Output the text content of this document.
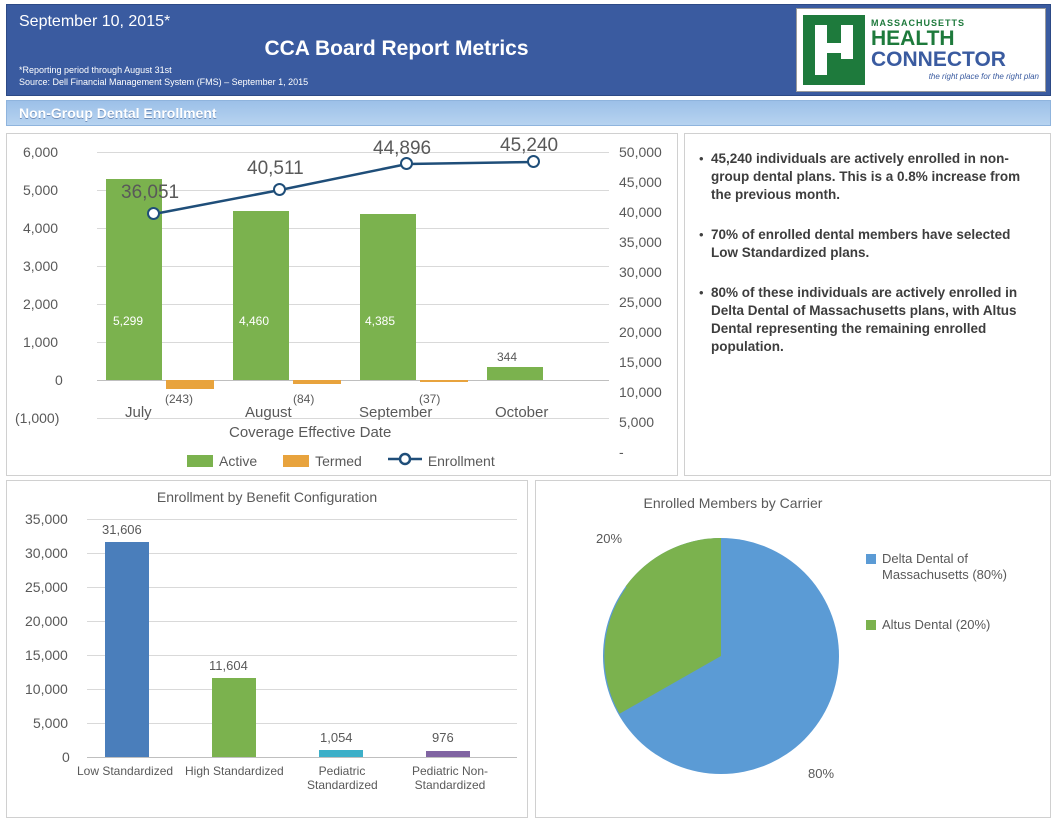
September 10, 2015*
CCA Board Report Metrics
*Reporting period through August 31st
Source: Dell Financial Management System (FMS) – September 1, 2015
MASSACHUSETTS
HEALTH
CONNECTOR
the right place for the right plan
Non-Group Dental Enrollment
6,000
5,000
4,000
3,000
2,000
1,000
0
(1,000)
50,000
45,000
40,000
35,000
30,000
25,000
20,000
15,000
10,000
5,000
-
5,299
(243)
4,460
(84)
4,385
(37)
344
36,051
40,511
44,896	45,240
July	August	September	October
Coverage Effective Date
Active	Termed	Enrollment
• 45,240 individuals are actively enrolled in non-group dental plans. This is a 0.8% increase from the previous month.
• 70% of enrolled dental members have selected Low Standardized plans.
• 80% of these individuals are actively enrolled in Delta Dental of Massachusetts plans, with Altus Dental representing the remaining enrolled population.
Enrollment by Benefit Configuration
35,000
30,000
25,000
20,000
15,000
10,000
5,000
0
31,606
11,604
1,054	976
Low Standardized High Standardized	Pediatric Standardized
Pediatric Non-Standardized
Enrolled Members by Carrier
20%
80%
Delta Dental of Massachusetts (80%)
Altus Dental (20%)
